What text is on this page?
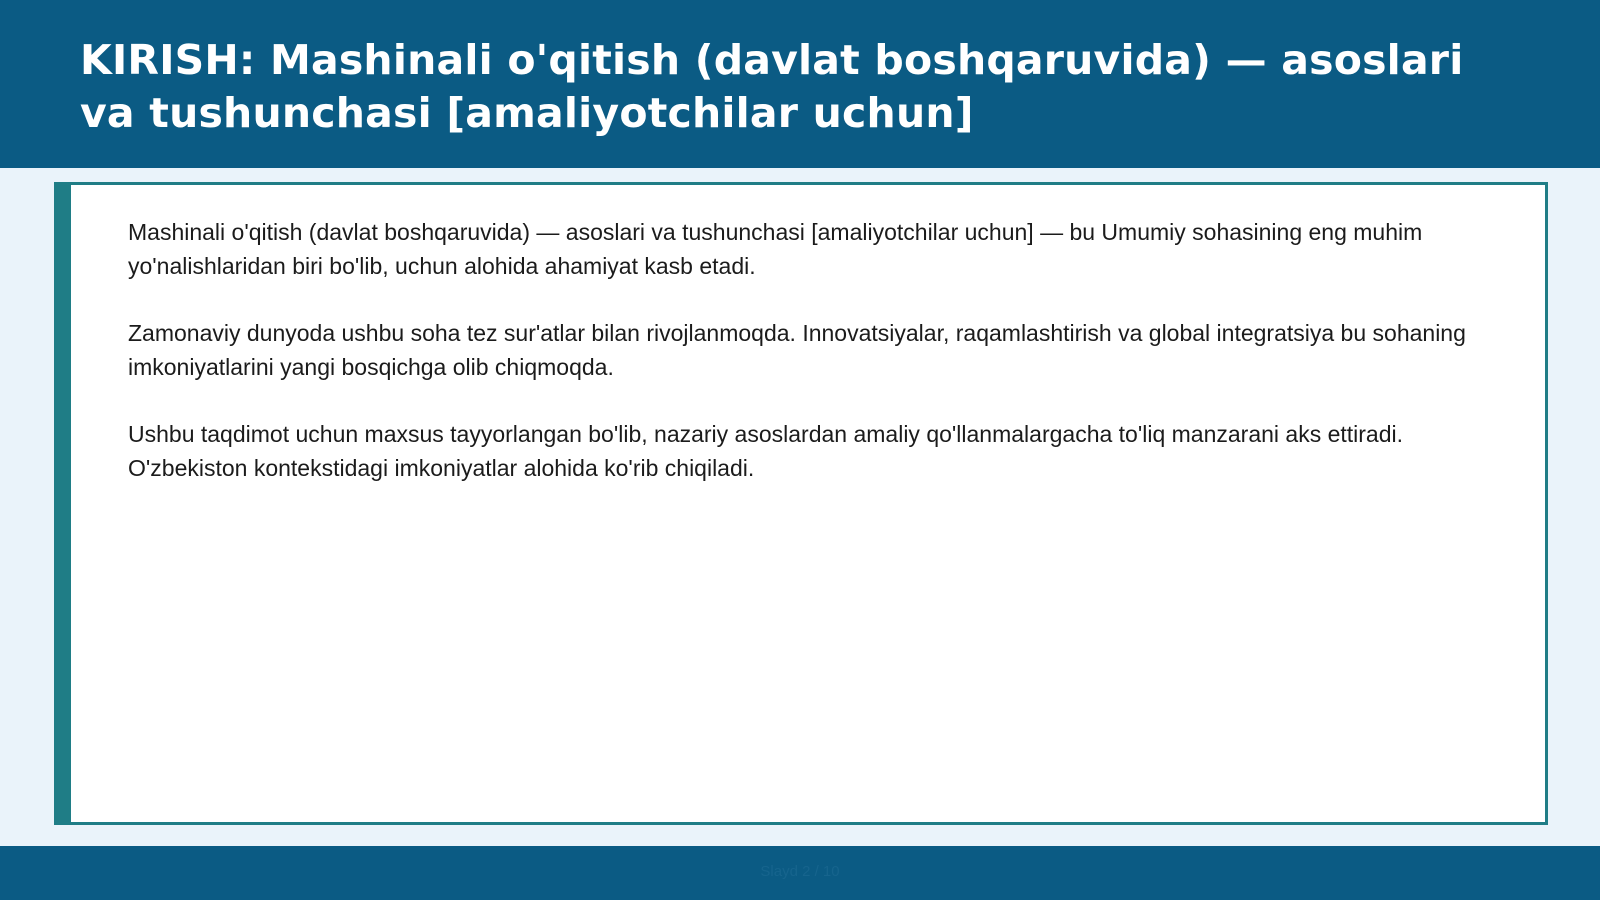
KIRISH: Mashinali o'qitish (davlat boshqaruvida) — asoslari va tushunchasi [amaliyotchilar uchun]

Mashinali o'qitish (davlat boshqaruvida) — asoslari va tushunchasi [amaliyotchilar uchun] — bu Umumiy sohasining eng muhim yo'nalishlaridan biri bo'lib, uchun alohida ahamiyat kasb etadi.

Zamonaviy dunyoda ushbu soha tez sur'atlar bilan rivojlanmoqda. Innovatsiyalar, raqamlashtirish va global integratsiya bu sohaning imkoniyatlarini yangi bosqichga olib chiqmoqda.

Ushbu taqdimot uchun maxsus tayyorlangan bo'lib, nazariy asoslardan amaliy qo'llanmalargacha to'liq manzarani aks ettiradi. O'zbekiston kontekstidagi imkoniyatlar alohida ko'rib chiqiladi.

Slayd 2 / 10
